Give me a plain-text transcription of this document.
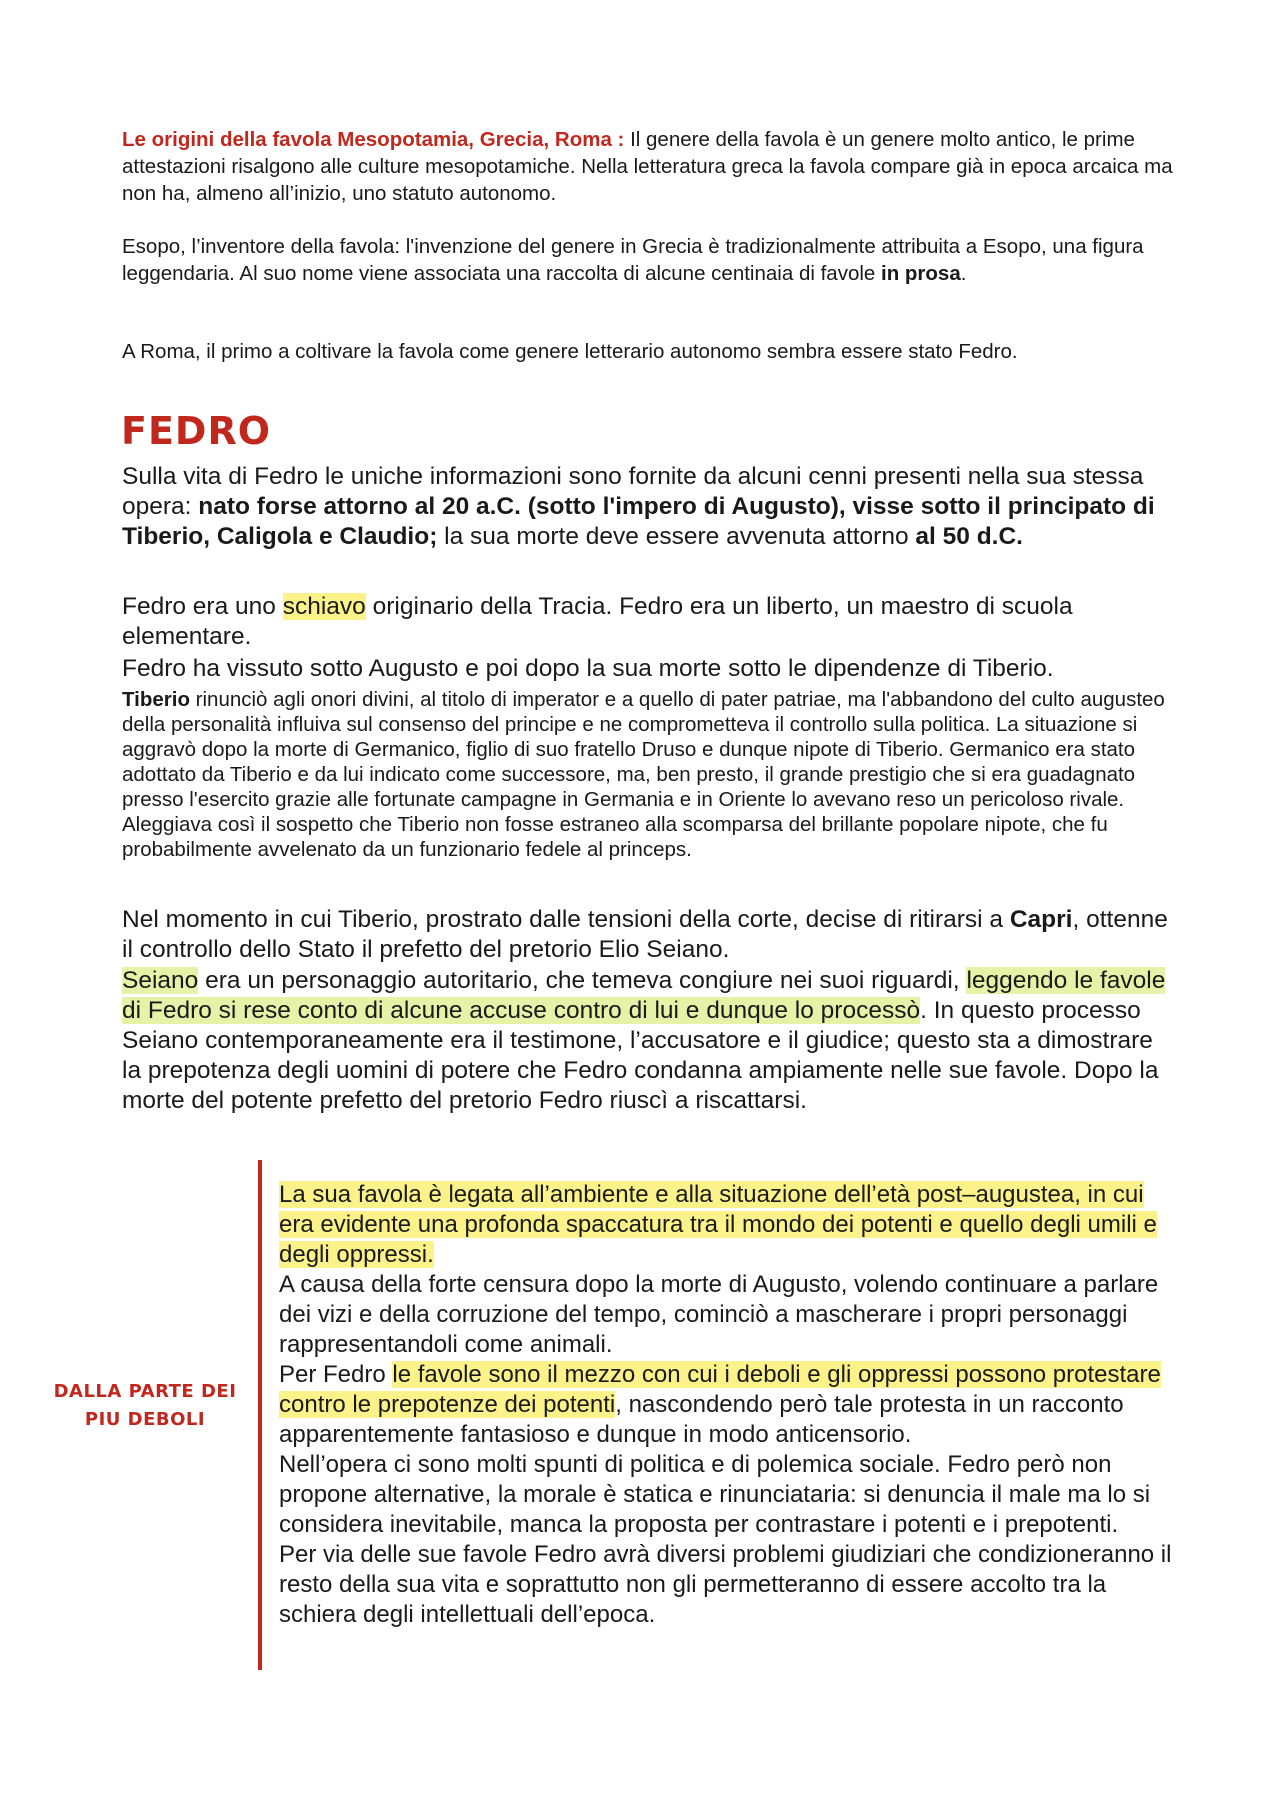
Le origini della favola Mesopotamia, Grecia, Roma : Il genere della favola è un genere molto antico, le prime attestazioni risalgono alle culture mesopotamiche. Nella letteratura greca la favola compare già in epoca arcaica ma non ha, almeno all’inizio, uno statuto autonomo.

Esopo, l’inventore della favola: l'invenzione del genere in Grecia è tradizionalmente attribuita a Esopo, una figura leggendaria. Al suo nome viene associata una raccolta di alcune centinaia di favole in prosa.

A Roma, il primo a coltivare la favola come genere letterario autonomo sembra essere stato Fedro.

FEDRO

Sulla vita di Fedro le uniche informazioni sono fornite da alcuni cenni presenti nella sua stessa opera: nato forse attorno al 20 a.C. (sotto l'impero di Augusto), visse sotto il principato di Tiberio, Caligola e Claudio; la sua morte deve essere avvenuta attorno al 50 d.C.

Fedro era uno schiavo originario della Tracia. Fedro era un liberto, un maestro di scuola elementare.

Fedro ha vissuto sotto Augusto e poi dopo la sua morte sotto le dipendenze di Tiberio.

Tiberio rinunciò agli onori divini, al titolo di imperator e a quello di pater patriae, ma l'abbandono del culto augusteo della personalità influiva sul consenso del principe e ne comprometteva il controllo sulla politica. La situazione si aggravò dopo la morte di Germanico, figlio di suo fratello Druso e dunque nipote di Tiberio. Germanico era stato adottato da Tiberio e da lui indicato come successore, ma, ben presto, il grande prestigio che si era guadagnato presso l'esercito grazie alle fortunate campagne in Germania e in Oriente lo avevano reso un pericoloso rivale. Aleggiava così il sospetto che Tiberio non fosse estraneo alla scomparsa del brillante popolare nipote, che fu probabilmente avvelenato da un funzionario fedele al princeps.

Nel momento in cui Tiberio, prostrato dalle tensioni della corte, decise di ritirarsi a Capri, ottenne il controllo dello Stato il prefetto del pretorio Elio Seiano.

Seiano era un personaggio autoritario, che temeva congiure nei suoi riguardi, leggendo le favole di Fedro si rese conto di alcune accuse contro di lui e dunque lo processò. In questo processo Seiano contemporaneamente era il testimone, l’accusatore e il giudice; questo sta a dimostrare la prepotenza degli uomini di potere che Fedro condanna ampiamente nelle sue favole. Dopo la morte del potente prefetto del pretorio Fedro riuscì a riscattarsi.

DALLA PARTE DEI PIU DEBOLI

La sua favola è legata all’ambiente e alla situazione dell’età post–augustea, in cui era evidente una profonda spaccatura tra il mondo dei potenti e quello degli umili e degli oppressi.

A causa della forte censura dopo la morte di Augusto, volendo continuare a parlare dei vizi e della corruzione del tempo, cominciò a mascherare i propri personaggi rappresentandoli come animali.

Per Fedro le favole sono il mezzo con cui i deboli e gli oppressi possono protestare contro le prepotenze dei potenti, nascondendo però tale protesta in un racconto apparentemente fantasioso e dunque in modo anticensorio.

Nell’opera ci sono molti spunti di politica e di polemica sociale. Fedro però non propone alternative, la morale è statica e rinunciataria: si denuncia il male ma lo si considera inevitabile, manca la proposta per contrastare i potenti e i prepotenti.

Per via delle sue favole Fedro avrà diversi problemi giudiziari che condizioneranno il resto della sua vita e soprattutto non gli permetteranno di essere accolto tra la schiera degli intellettuali dell’epoca.
